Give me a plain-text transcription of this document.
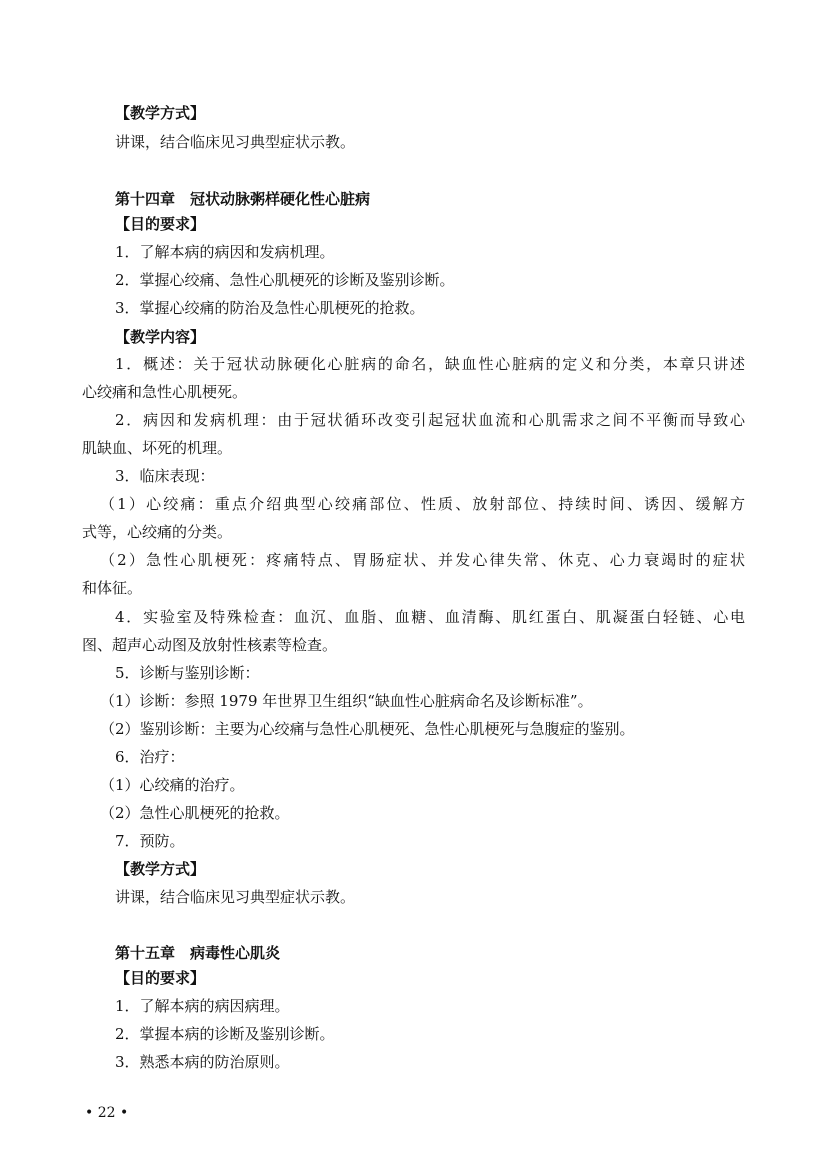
【教学方式】
讲课，结合临床见习典型症状示教。
第十四章　冠状动脉粥样硬化性心脏病
【目的要求】
1．了解本病的病因和发病机理。
2．掌握心绞痛、急性心肌梗死的诊断及鉴别诊断。
3．掌握心绞痛的防治及急性心肌梗死的抢救。
【教学内容】
1．概述：关于冠状动脉硬化心脏病的命名，缺血性心脏病的定义和分类，本章只讲述
心绞痛和急性心肌梗死。
2．病因和发病机理：由于冠状循环改变引起冠状血流和心肌需求之间不平衡而导致心
肌缺血、坏死的机理。
3．临床表现：
（1）心绞痛：重点介绍典型心绞痛部位、性质、放射部位、持续时间、诱因、缓解方
式等，心绞痛的分类。
（2）急性心肌梗死：疼痛特点、胃肠症状、并发心律失常、休克、心力衰竭时的症状
和体征。
4．实验室及特殊检查：血沉、血脂、血糖、血清酶、肌红蛋白、肌凝蛋白轻链、心电
图、超声心动图及放射性核素等检查。
5．诊断与鉴别诊断：
（1）诊断：参照 1979 年世界卫生组织“缺血性心脏病命名及诊断标准”。
（2）鉴别诊断：主要为心绞痛与急性心肌梗死、急性心肌梗死与急腹症的鉴别。
6．治疗：
（1）心绞痛的治疗。
（2）急性心肌梗死的抢救。
7．预防。
【教学方式】
讲课，结合临床见习典型症状示教。
第十五章　病毒性心肌炎
【目的要求】
1．了解本病的病因病理。
2．掌握本病的诊断及鉴别诊断。
3．熟悉本病的防治原则。
• 22 •
